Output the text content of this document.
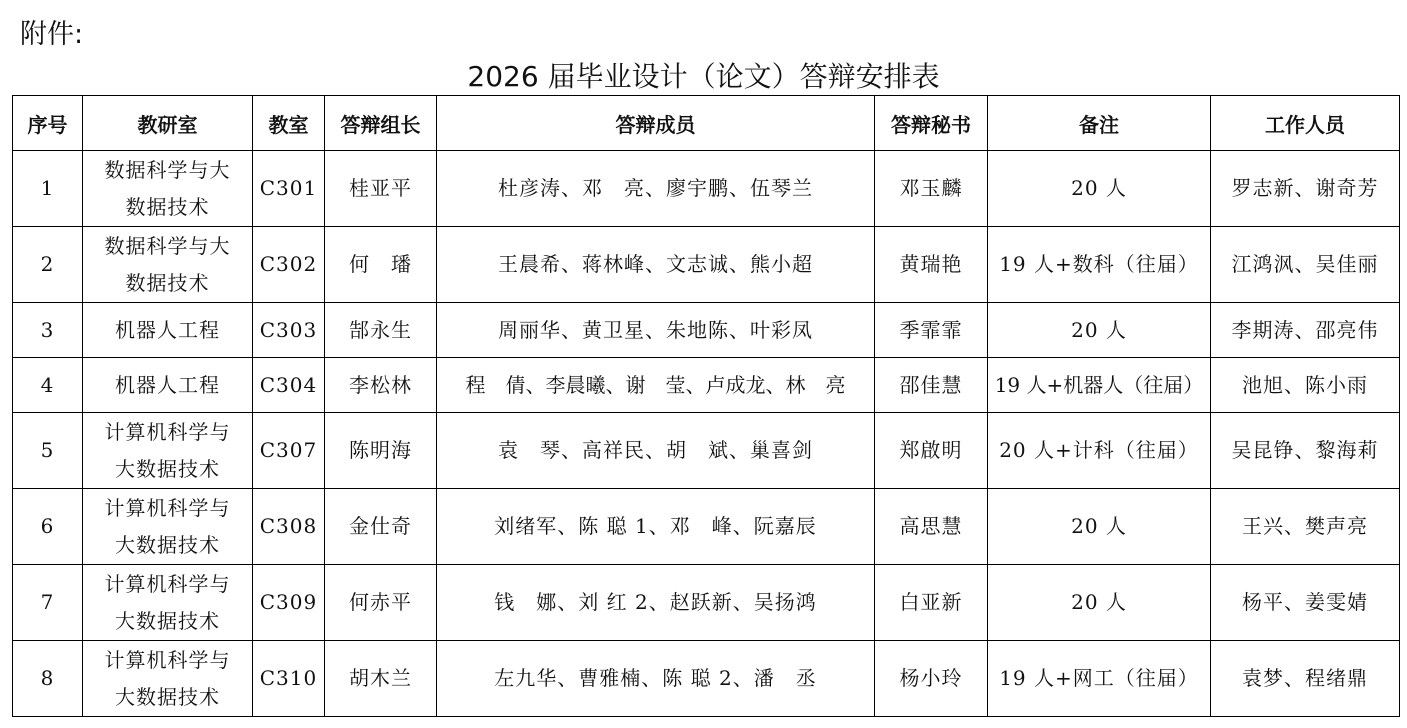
附件:
2026 届毕业设计（论文）答辩安排表
序号	教研室	教室	答辩组长	答辩成员	答辩秘书	备注	工作人员
1	数据科学与大数据技术	C301	桂亚平	杜彦涛、邓　亮、廖宇鹏、伍琴兰	邓玉麟	20 人	罗志新、谢奇芳
2	数据科学与大数据技术	C302	何　璠	王晨希、蒋林峰、文志诚、熊小超	黄瑞艳	19 人+数科（往届）	江鸿沨、吴佳丽
3	机器人工程	C303	郜永生	周丽华、黄卫星、朱地陈、叶彩凤	季霏霏	20 人	李期涛、邵亮伟
4	机器人工程	C304	李松林	程　倩、李晨曦、谢　莹、卢成龙、林　亮	邵佳慧	19 人+机器人（往届）	池旭、陈小雨
5	计算机科学与大数据技术	C307	陈明海	袁　琴、高祥民、胡　斌、巢喜剑	郑啟明	20 人+计科（往届）	吴昆铮、黎海莉
6	计算机科学与大数据技术	C308	金仕奇	刘绪军、陈 聪 1、邓　峰、阮嘉辰	高思慧	20 人	王兴、樊声亮
7	计算机科学与大数据技术	C309	何赤平	钱　娜、刘 红 2、赵跃新、吴扬鸿	白亚新	20 人	杨平、姜雯婧
8	计算机科学与大数据技术	C310	胡木兰	左九华、曹雅楠、陈 聪 2、潘　丞	杨小玲	19 人+网工（往届）	袁梦、程绪鼎
